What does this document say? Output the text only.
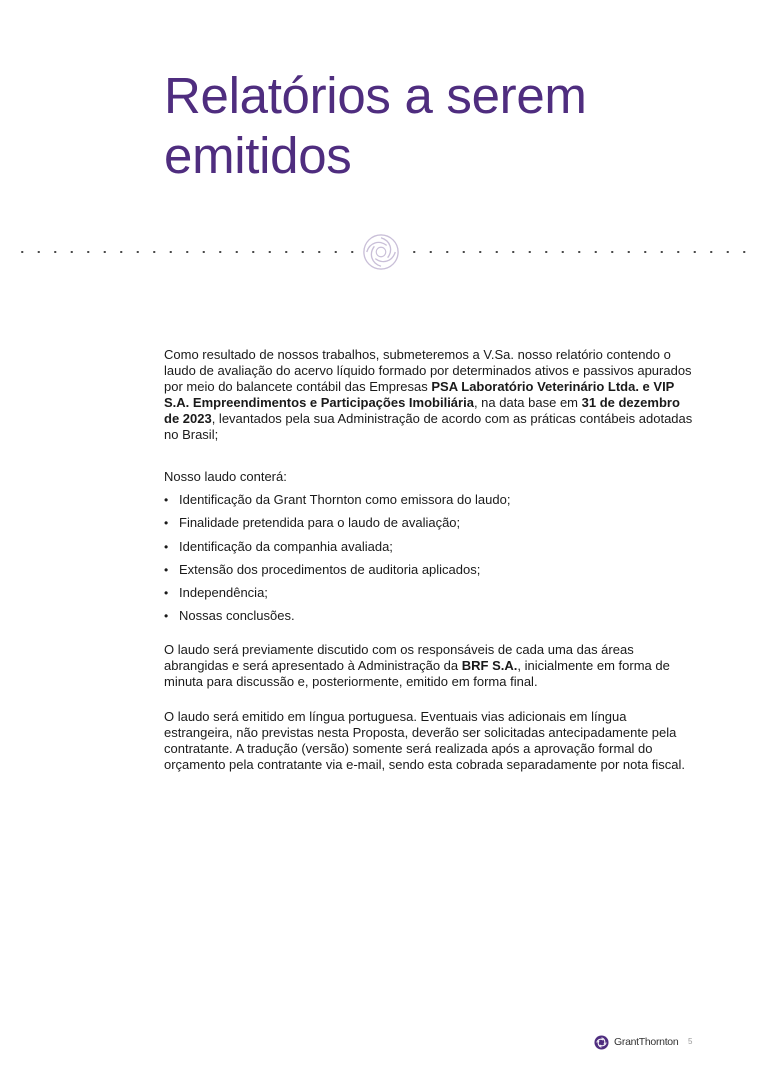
Relatórios a serem emitidos

Como resultado de nossos trabalhos, submeteremos a V.Sa. nosso relatório contendo o laudo de avaliação do acervo líquido formado por determinados ativos e passivos apurados por meio do balancete contábil das Empresas PSA Laboratório Veterinário Ltda. e VIP S.A. Empreendimentos e Participações Imobiliária, na data base em 31 de dezembro de 2023, levantados pela sua Administração de acordo com as práticas contábeis adotadas no Brasil;

Nosso laudo conterá:

• Identificação da Grant Thornton como emissora do laudo;
• Finalidade pretendida para o laudo de avaliação;
• Identificação da companhia avaliada;
• Extensão dos procedimentos de auditoria aplicados;
• Independência;
• Nossas conclusões.

O laudo será previamente discutido com os responsáveis de cada uma das áreas abrangidas e será apresentado à Administração da BRF S.A., inicialmente em forma de minuta para discussão e, posteriormente, emitido em forma final.

O laudo será emitido em língua portuguesa. Eventuais vias adicionais em língua estrangeira, não previstas nesta Proposta, deverão ser solicitadas antecipadamente pela contratante. A tradução (versão) somente será realizada após a aprovação formal do orçamento pela contratante via e-mail, sendo esta cobrada separadamente por nota fiscal.

GrantThornton 5
